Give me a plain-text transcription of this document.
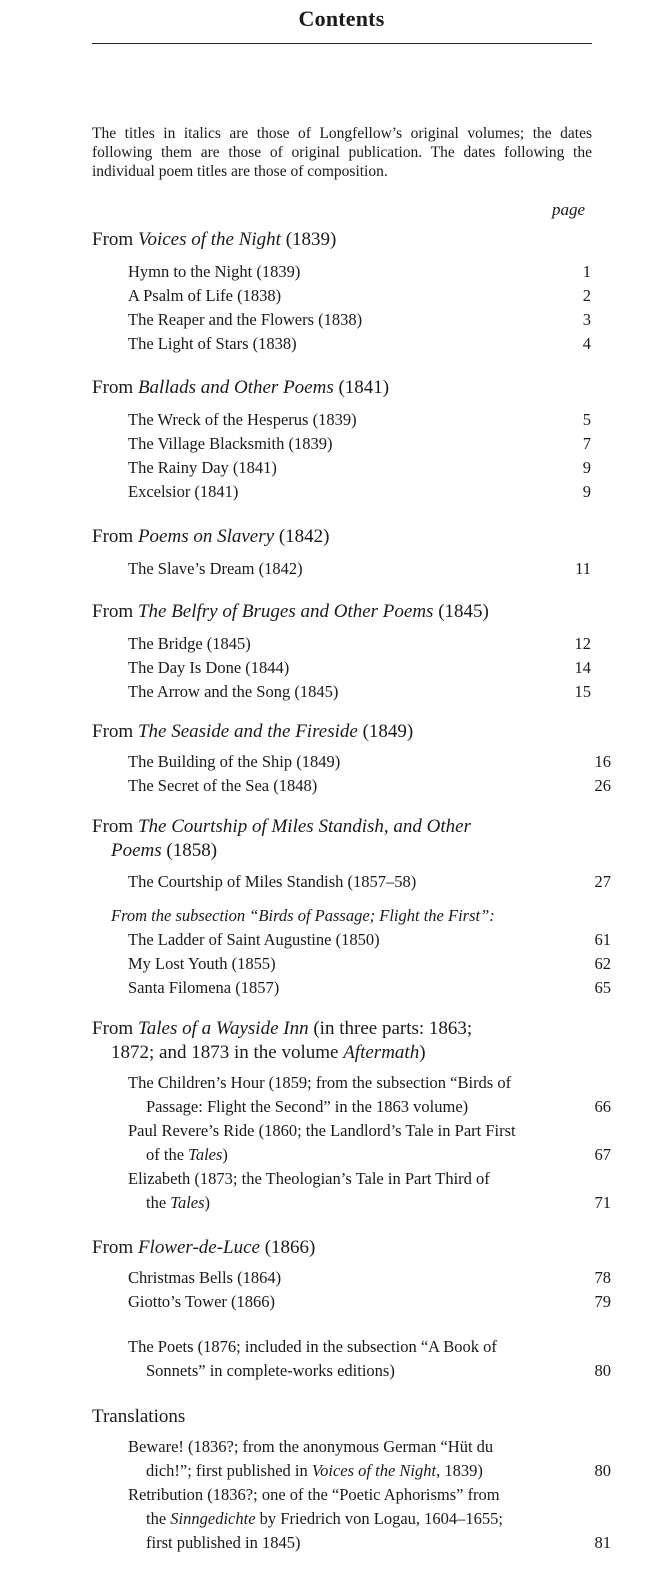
Contents
The titles in italics are those of Longfellow’s original volumes; the dates following them are those of original publication. The dates following the individual poem titles are those of composition.
page
From Voices of the Night (1839)
Hymn to the Night (1839)	1
A Psalm of Life (1838)	2
The Reaper and the Flowers (1838)	3
The Light of Stars (1838)	4
From Ballads and Other Poems (1841)
The Wreck of the Hesperus (1839)	5
The Village Blacksmith (1839)	7
The Rainy Day (1841)	9
Excelsior (1841)	9
From Poems on Slavery (1842)
The Slave’s Dream (1842)	11
From The Belfry of Bruges and Other Poems (1845)
The Bridge (1845)	12
The Day Is Done (1844)	14
The Arrow and the Song (1845)	15
From The Seaside and the Fireside (1849)
The Building of the Ship (1849)	16
The Secret of the Sea (1848)	26
From The Courtship of Miles Standish, and Other
Poems (1858)
The Courtship of Miles Standish (1857–58)	27
From the subsection “Birds of Passage; Flight the First”:
The Ladder of Saint Augustine (1850)	61
My Lost Youth (1855)	62
Santa Filomena (1857)	65
From Tales of a Wayside Inn (in three parts: 1863;
1872; and 1873 in the volume Aftermath)
The Children’s Hour (1859; from the subsection “Birds of
Passage: Flight the Second” in the 1863 volume)	66
Paul Revere’s Ride (1860; the Landlord’s Tale in Part First
of the Tales)	67
Elizabeth (1873; the Theologian’s Tale in Part Third of
the Tales)	71
From Flower-de-Luce (1866)
Christmas Bells (1864)	78
Giotto’s Tower (1866)	79
The Poets (1876; included in the subsection “A Book of
Sonnets” in complete-works editions)	80
Translations
Beware! (1836?; from the anonymous German “Hüt du
dich!”; first published in Voices of the Night, 1839)	80
Retribution (1836?; one of the “Poetic Aphorisms” from
the Sinngedichte by Friedrich von Logau, 1604–1655;
first published in 1845)	81
